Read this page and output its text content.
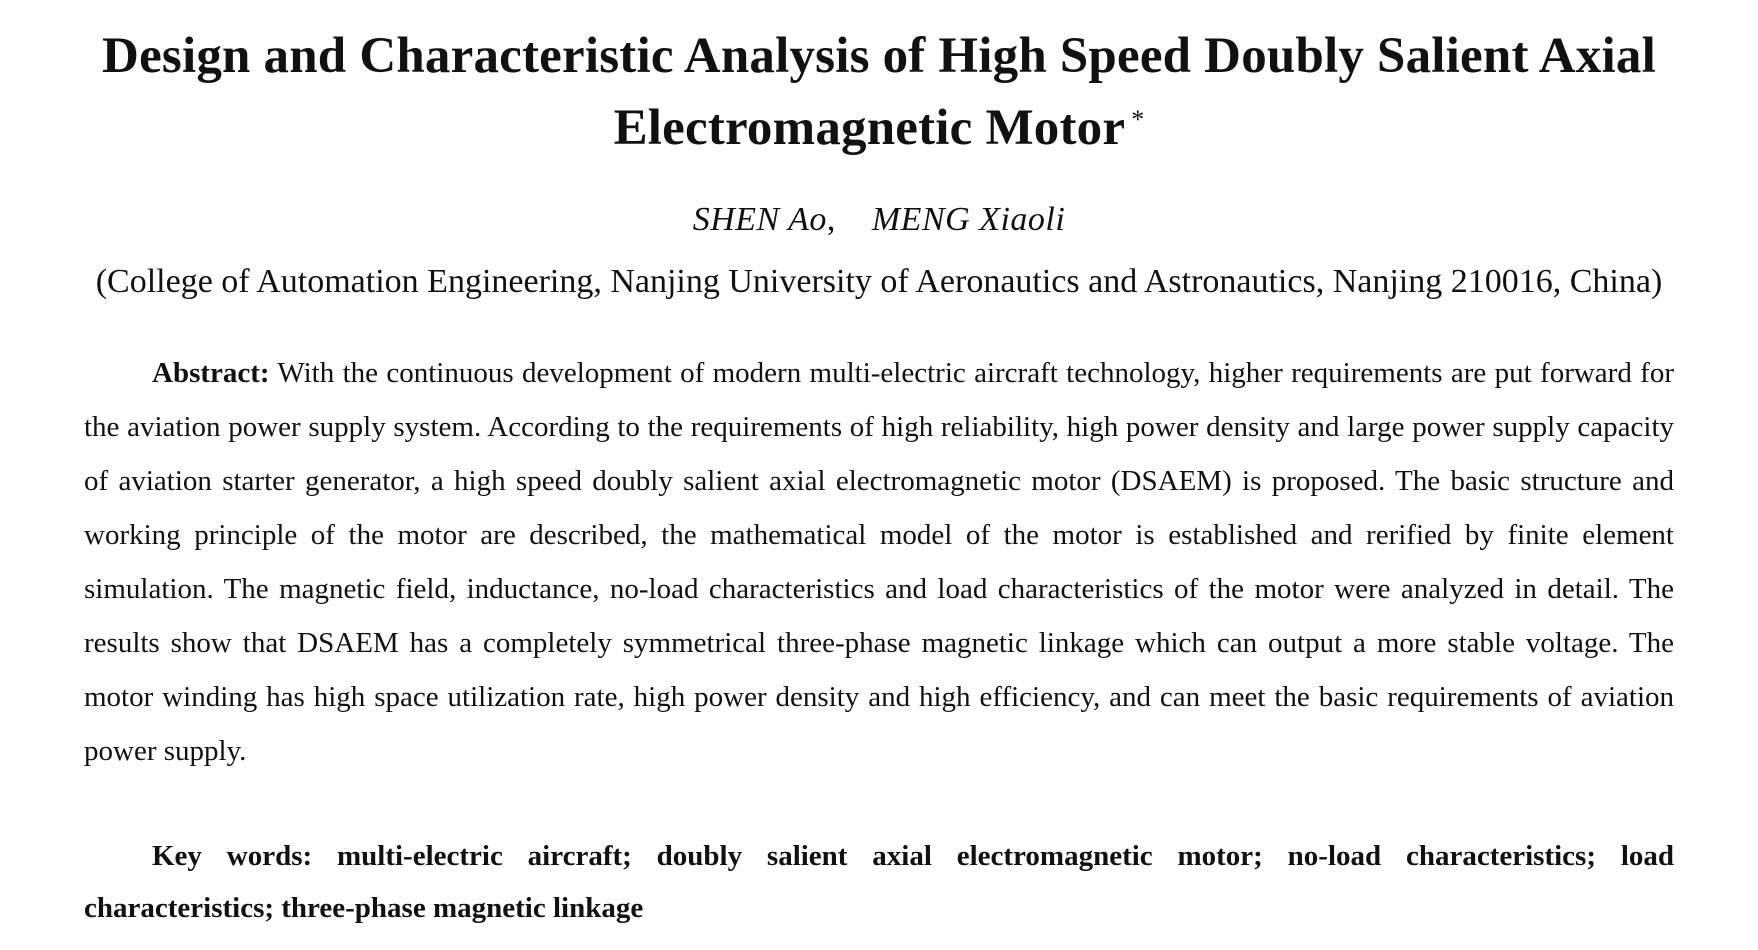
Design and Characteristic Analysis of High Speed Doubly Salient Axial Electromagnetic Motor *
SHEN Ao, MENG Xiaoli
(College of Automation Engineering, Nanjing University of Aeronautics and Astronautics, Nanjing 210016, China)

Abstract: With the continuous development of modern multi-electric aircraft technology, higher requirements are put forward for the aviation power supply system. According to the requirements of high reliability, high power density and large power supply capacity of aviation starter generator, a high speed doubly salient axial electromagnetic motor (DSAEM) is proposed. The basic structure and working principle of the motor are described, the mathematical model of the motor is established and rerified by finite element simulation. The magnetic field, inductance, no-load characteristics and load characteristics of the motor were analyzed in detail. The results show that DSAEM has a completely symmetrical three-phase magnetic linkage which can output a more stable voltage. The motor winding has high space utilization rate, high power density and high efficiency, and can meet the basic requirements of aviation power supply.

Key words: multi-electric aircraft; doubly salient axial electromagnetic motor; no-load characteristics; load characteristics; three-phase magnetic linkage
